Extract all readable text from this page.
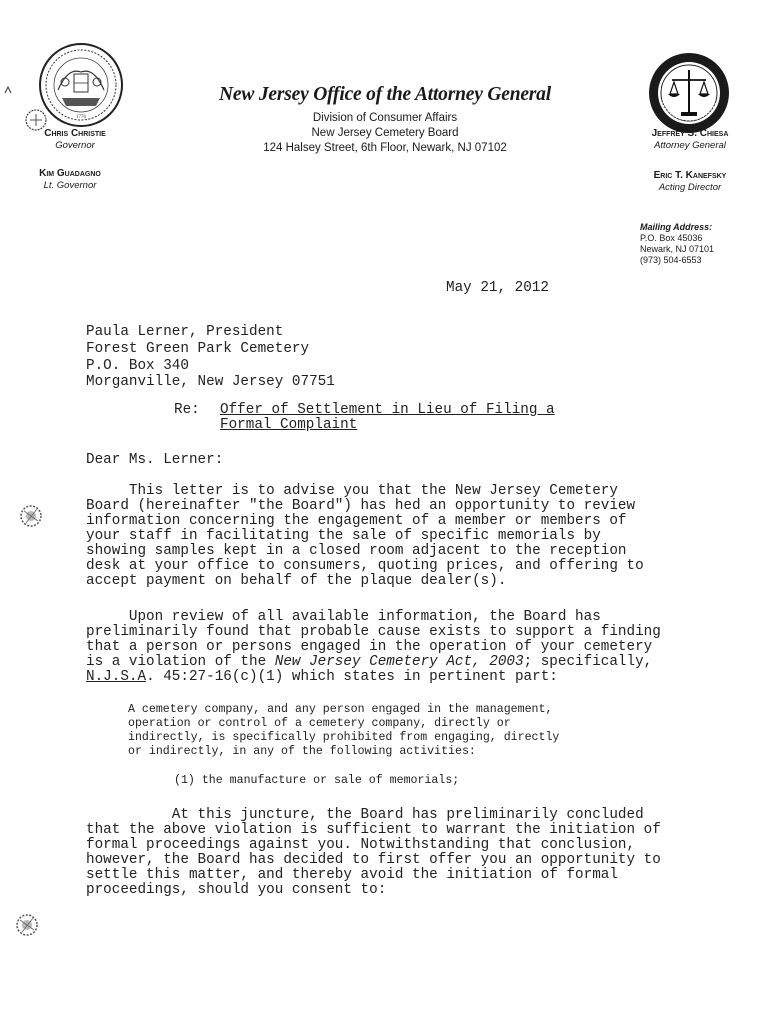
1776
New Jersey Office of the Attorney General
Division of Consumer Affairs
New Jersey Cemetery Board
124 Halsey Street, 6th Floor, Newark, NJ 07102
Chris Christie
Governor
Kim Guadagno
Lt. Governor
Jeffrey S. Chiesa
Attorney General
Eric T. Kanefsky
Acting Director
Mailing Address:
P.O. Box 45036
Newark, NJ 07101
(973) 504-6553
May 21, 2012
Paula Lerner, President
Forest Green Park Cemetery
P.O. Box 340
Morganville, New Jersey 07751
Re: Offer of Settlement in Lieu of Filing a
Formal Complaint
Dear Ms. Lerner:
This letter is to advise you that the New Jersey Cemetery
Board (hereinafter "the Board") has hed an opportunity to review
information concerning the engagement of a member or members of
your staff in facilitating the sale of specific memorials by
showing samples kept in a closed room adjacent to the reception
desk at your office to consumers, quoting prices, and offering to
accept payment on behalf of the plaque dealer(s).
Upon review of all available information, the Board has
preliminarily found that probable cause exists to support a finding
that a person or persons engaged in the operation of your cemetery
is a violation of the New Jersey Cemetery Act, 2003; specifically,
N.J.S.A. 45:27-16(c)(1) which states in pertinent part:
A cemetery company, and any person engaged in the management,
operation or control of a cemetery company, directly or
indirectly, is specifically prohibited from engaging, directly
or indirectly, in any of the following activities:
(1) the manufacture or sale of memorials;
At this juncture, the Board has preliminarily concluded
that the above violation is sufficient to warrant the initiation of
formal proceedings against you. Notwithstanding that conclusion,
however, the Board has decided to first offer you an opportunity to
settle this matter, and thereby avoid the initiation of formal
proceedings, should you consent to:
